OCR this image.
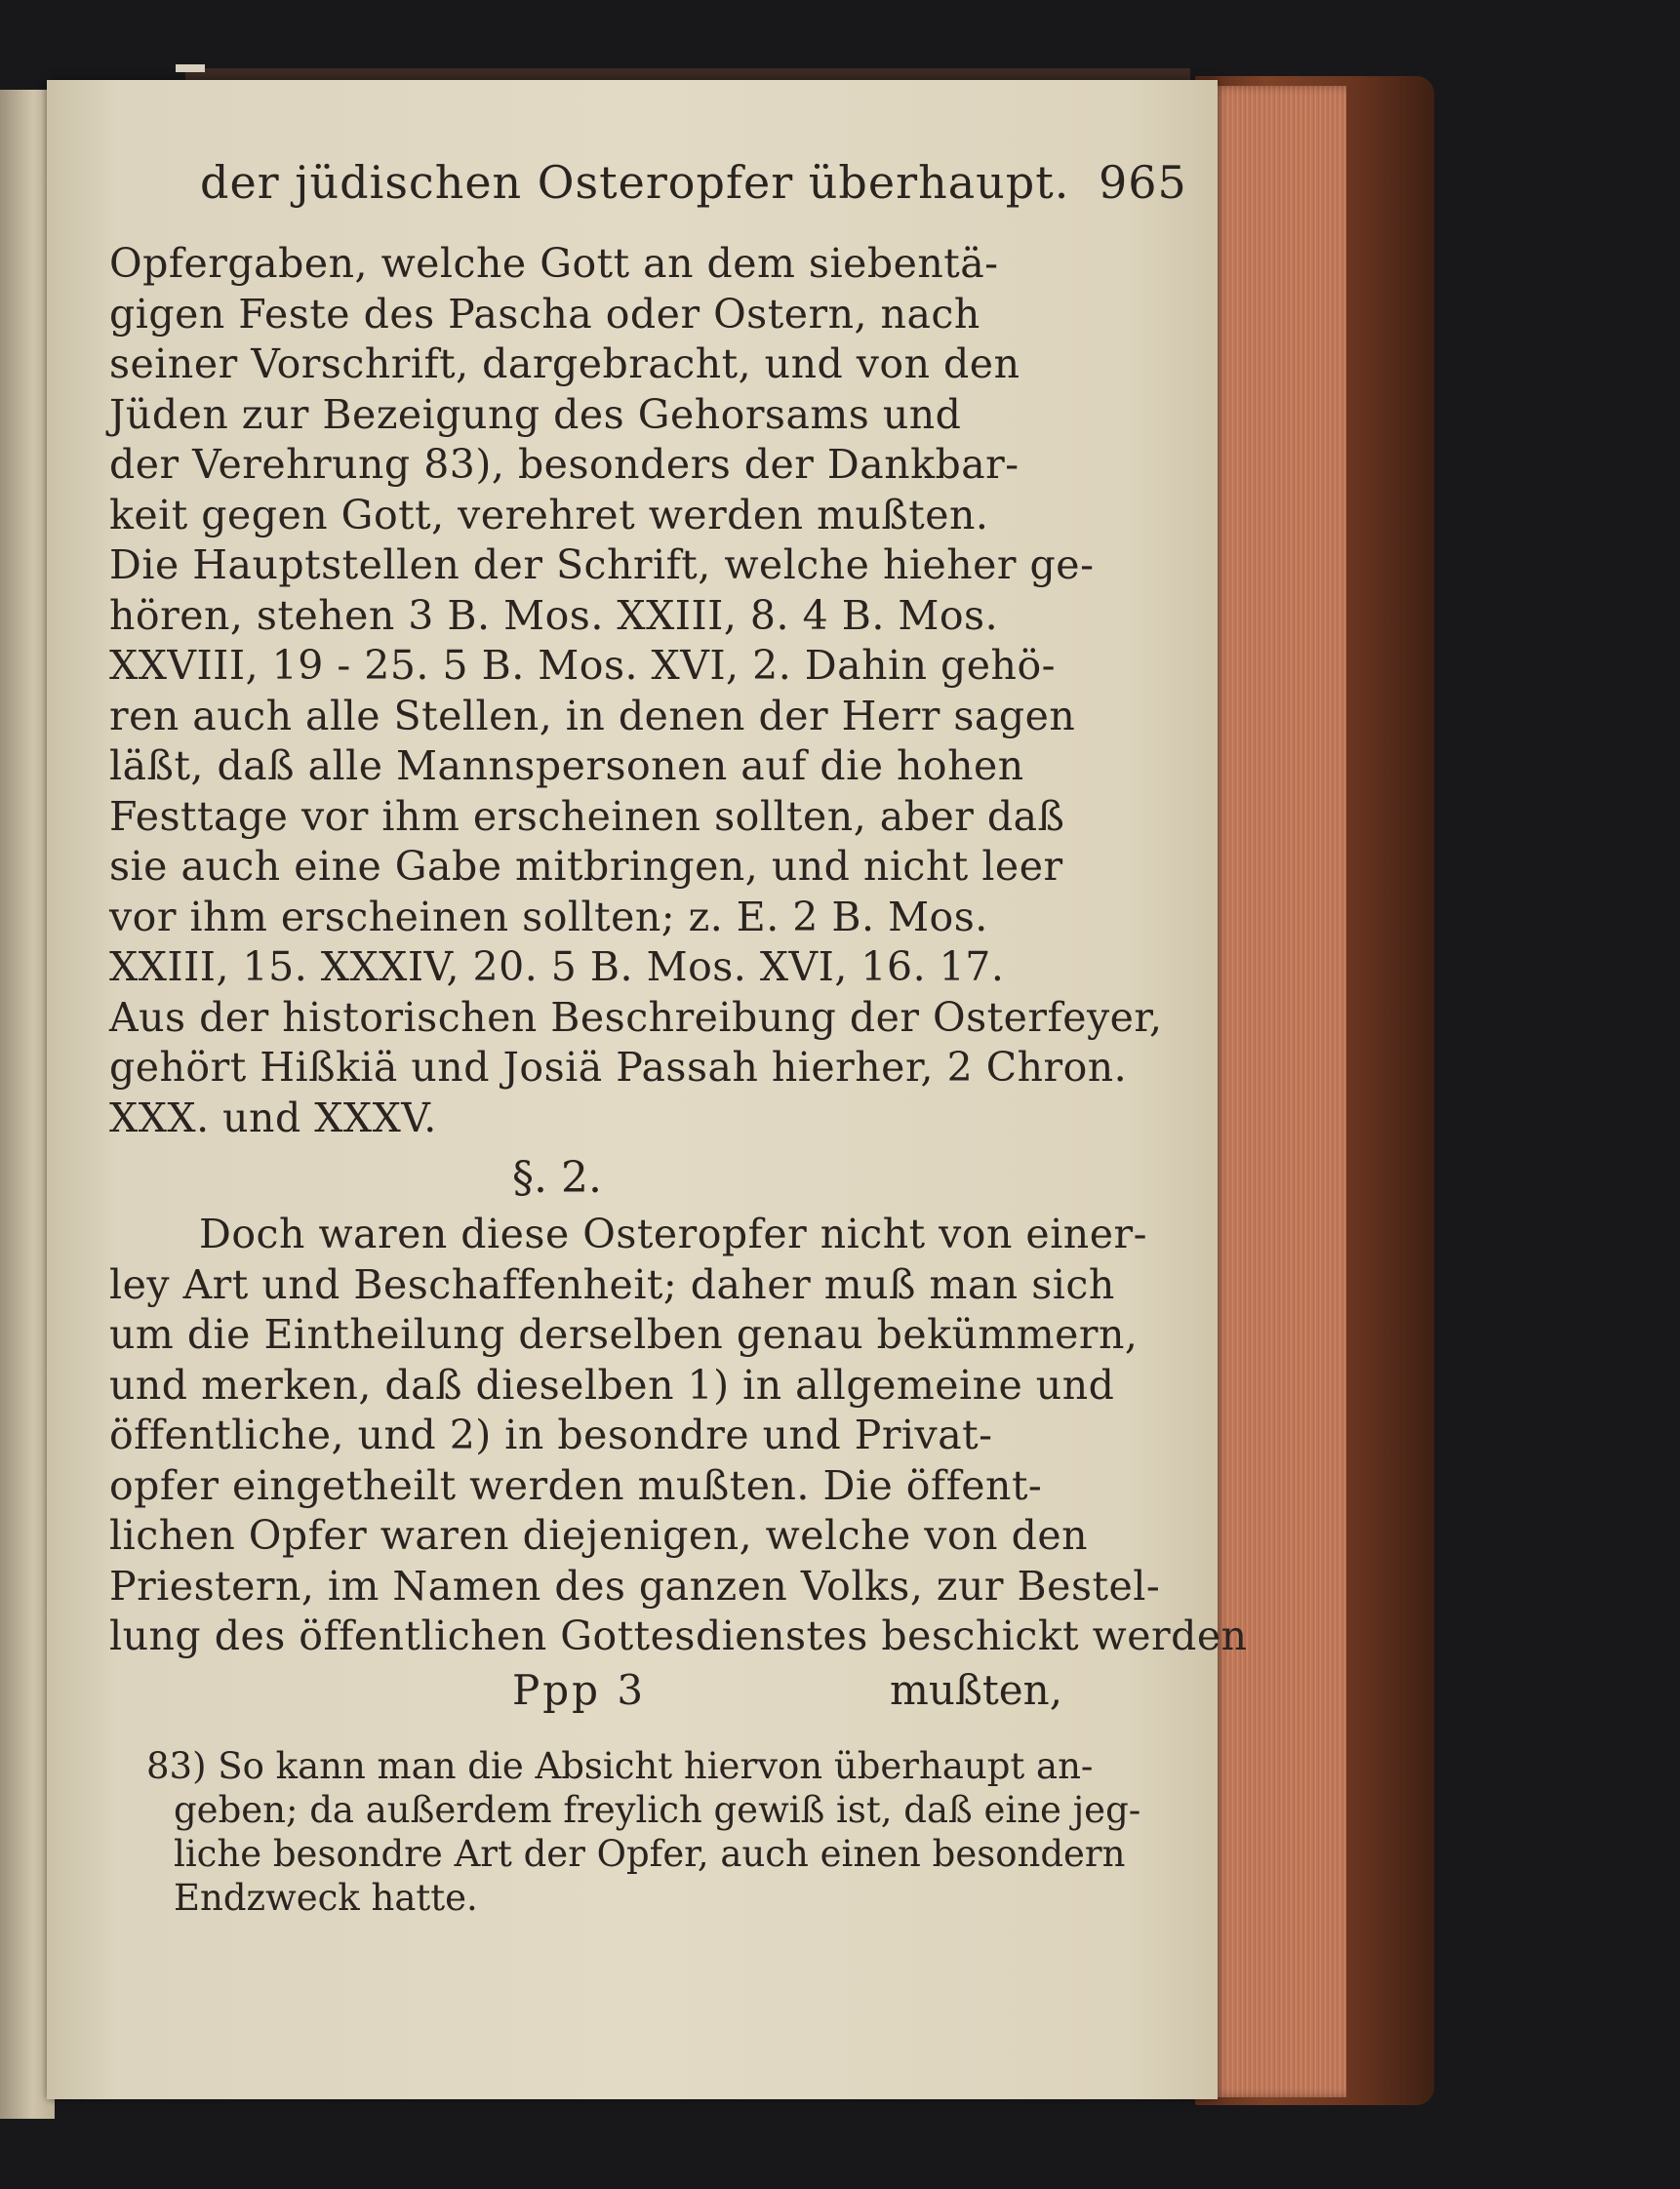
der jüdischen Osteropfer überhaupt. 965
Opfergaben, welche Gott an dem siebentä-
gigen Feste des Pascha oder Ostern, nach
seiner Vorschrift, dargebracht, und von den
Jüden zur Bezeigung des Gehorsams und
der Verehrung 83), besonders der Dankbar-
keit gegen Gott, verehret werden mußten.
Die Hauptstellen der Schrift, welche hieher ge-
hören, stehen 3 B. Mos. XXIII, 8. 4 B. Mos.
XXVIII, 19 - 25. 5 B. Mos. XVI, 2. Dahin gehö-
ren auch alle Stellen, in denen der Herr sagen
läßt, daß alle Mannspersonen auf die hohen
Festtage vor ihm erscheinen sollten, aber daß
sie auch eine Gabe mitbringen, und nicht leer
vor ihm erscheinen sollten; z. E. 2 B. Mos.
XXIII, 15. XXXIV, 20. 5 B. Mos. XVI, 16. 17.
Aus der historischen Beschreibung der Osterfeyer,
gehört Hißkiä und Josiä Passah hierher, 2 Chron.
XXX. und XXXV.
§. 2.
Doch waren diese Osteropfer nicht von einer-
ley Art und Beschaffenheit; daher muß man sich
um die Eintheilung derselben genau bekümmern,
und merken, daß dieselben 1) in allgemeine und
öffentliche, und 2) in besondre und Privat-
opfer eingetheilt werden mußten. Die öffent-
lichen Opfer waren diejenigen, welche von den
Priestern, im Namen des ganzen Volks, zur Bestel-
lung des öffentlichen Gottesdienstes beschickt werden
Ppp 3	mußten,
83) So kann man die Absicht hiervon überhaupt an-
geben; da außerdem freylich gewiß ist, daß eine jeg-
liche besondre Art der Opfer, auch einen besondern
Endzweck hatte.
